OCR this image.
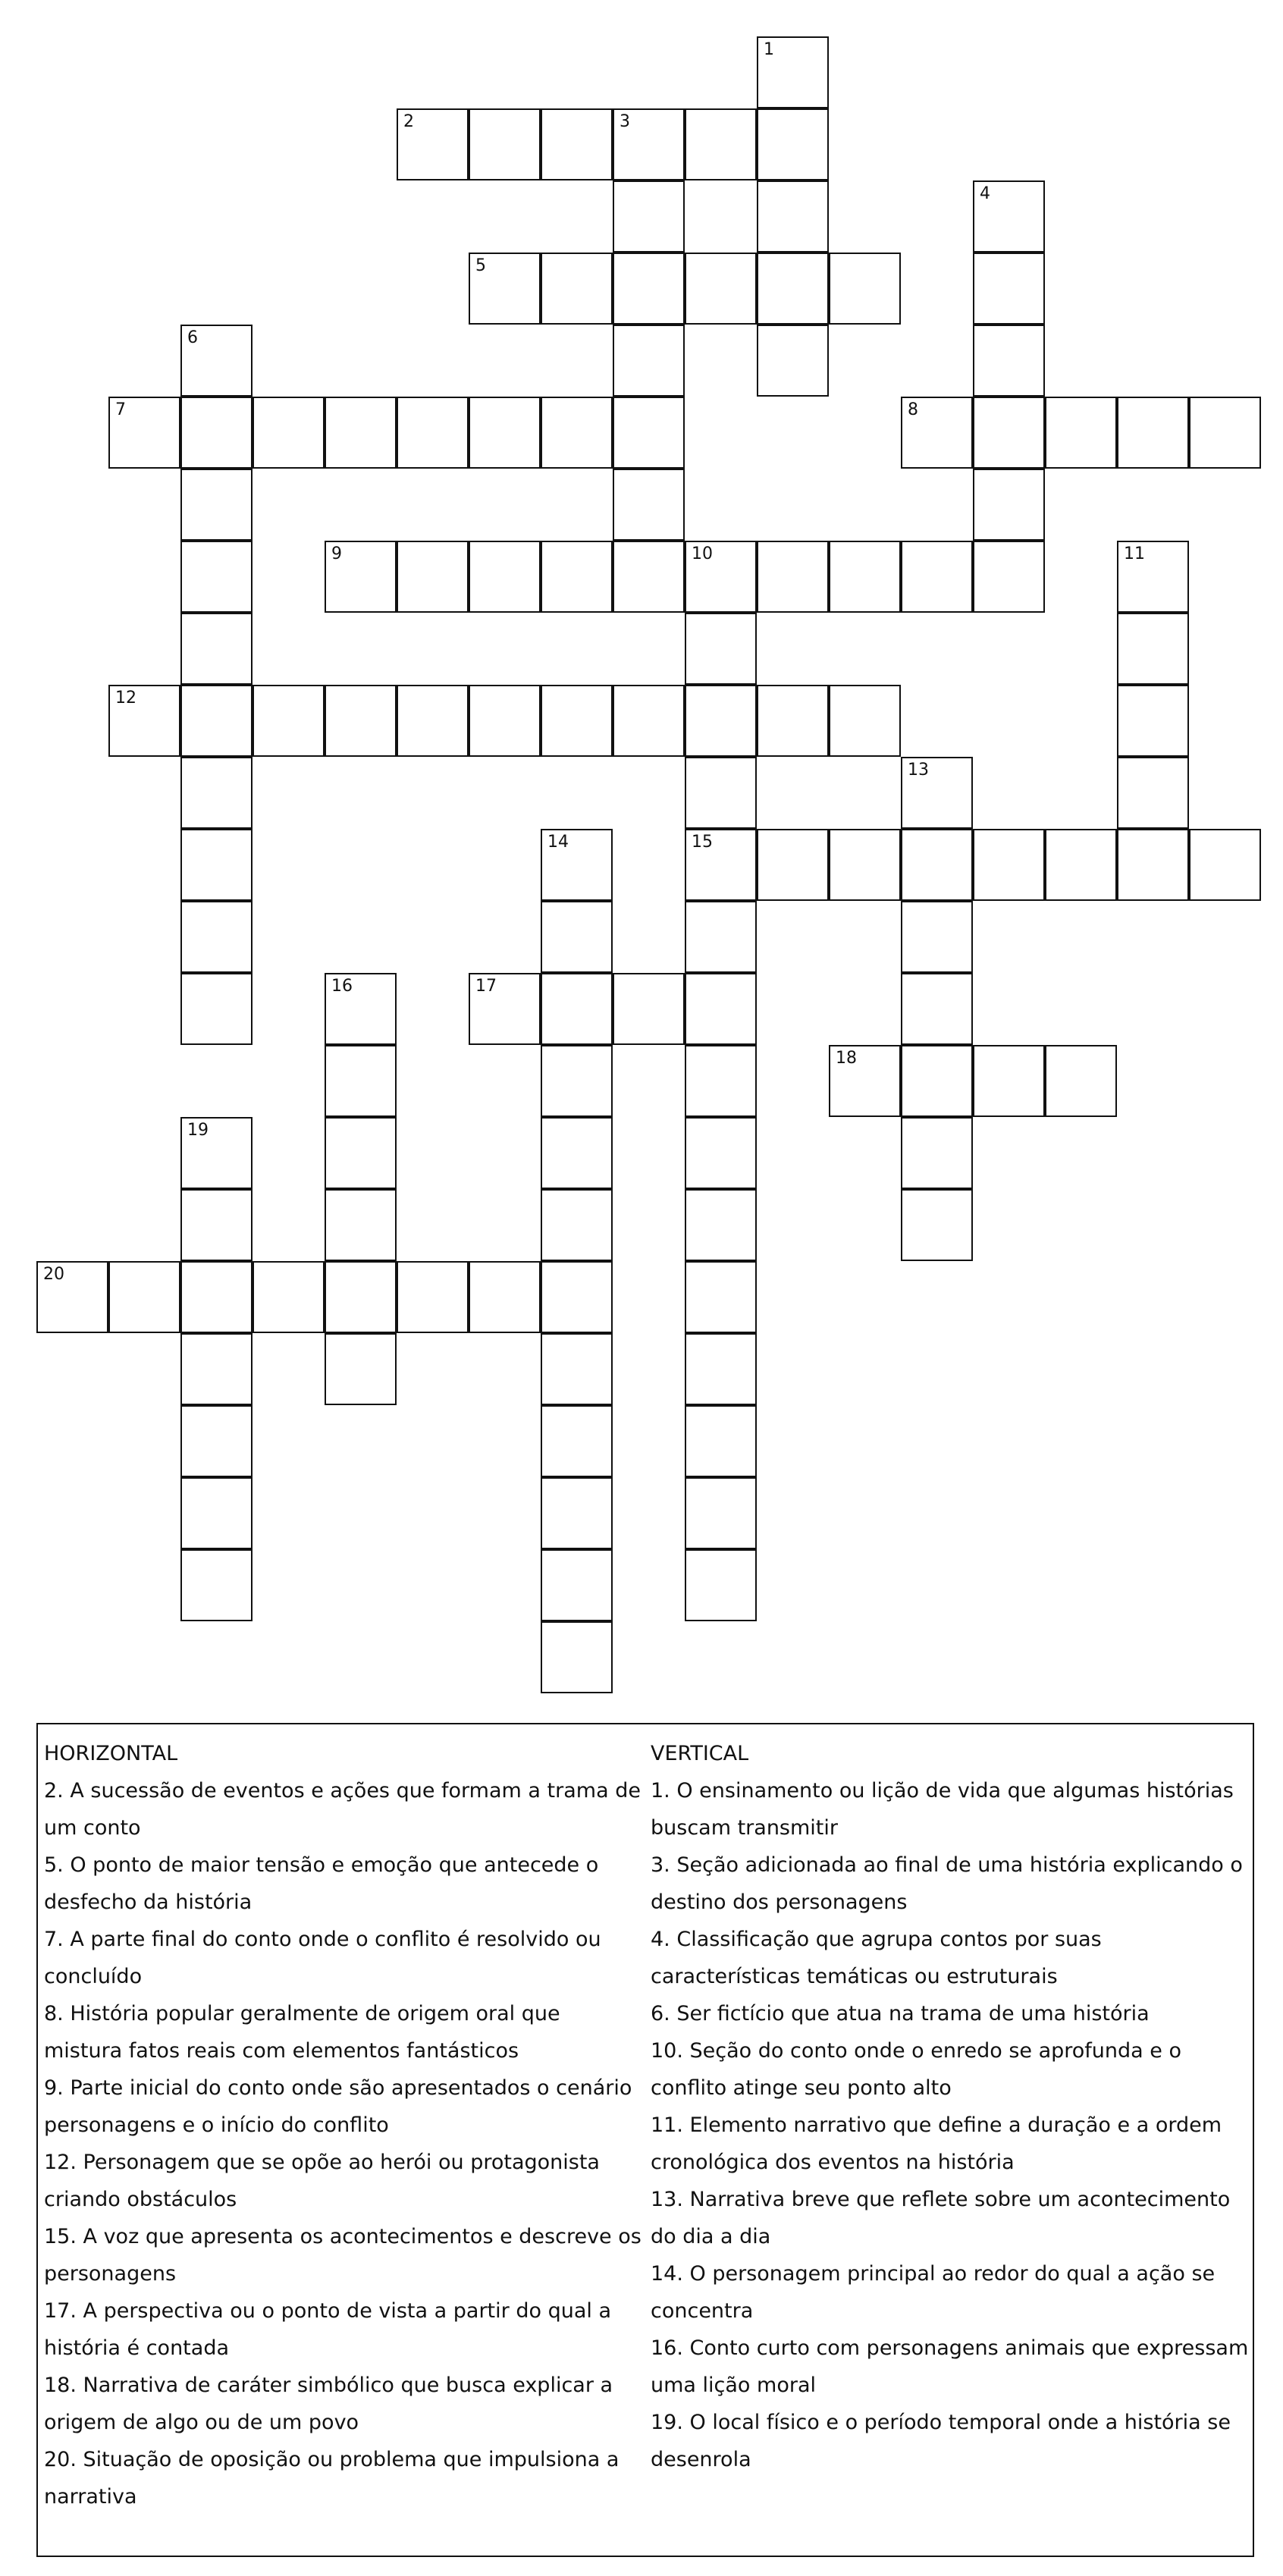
1
2	3
4
5
6
7	8
9	10	11
12
13
14	15
16	17
18
19
20
HORIZONTAL
2. A sucessão de eventos e ações que formam a trama de um conto
5. O ponto de maior tensão e emoção que antecede o desfecho da história
7. A parte final do conto onde o conflito é resolvido ou concluído
8. História popular geralmente de origem oral que mistura fatos reais com elementos fantásticos
9. Parte inicial do conto onde são apresentados o cenário personagens e o início do conflito
12. Personagem que se opõe ao herói ou protagonista criando obstáculos
15. A voz que apresenta os acontecimentos e descreve os personagens
17. A perspectiva ou o ponto de vista a partir do qual a história é contada
18. Narrativa de caráter simbólico que busca explicar a origem de algo ou de um povo
20. Situação de oposição ou problema que impulsiona a narrativa
VERTICAL
1. O ensinamento ou lição de vida que algumas histórias buscam transmitir
3. Seção adicionada ao final de uma história explicando o destino dos personagens
4. Classificação que agrupa contos por suas características temáticas ou estruturais
6. Ser fictício que atua na trama de uma história
10. Seção do conto onde o enredo se aprofunda e o conflito atinge seu ponto alto
11. Elemento narrativo que define a duração e a ordem cronológica dos eventos na história
13. Narrativa breve que reflete sobre um acontecimento do dia a dia
14. O personagem principal ao redor do qual a ação se concentra
16. Conto curto com personagens animais que expressam uma lição moral
19. O local físico e o período temporal onde a história se desenrola
